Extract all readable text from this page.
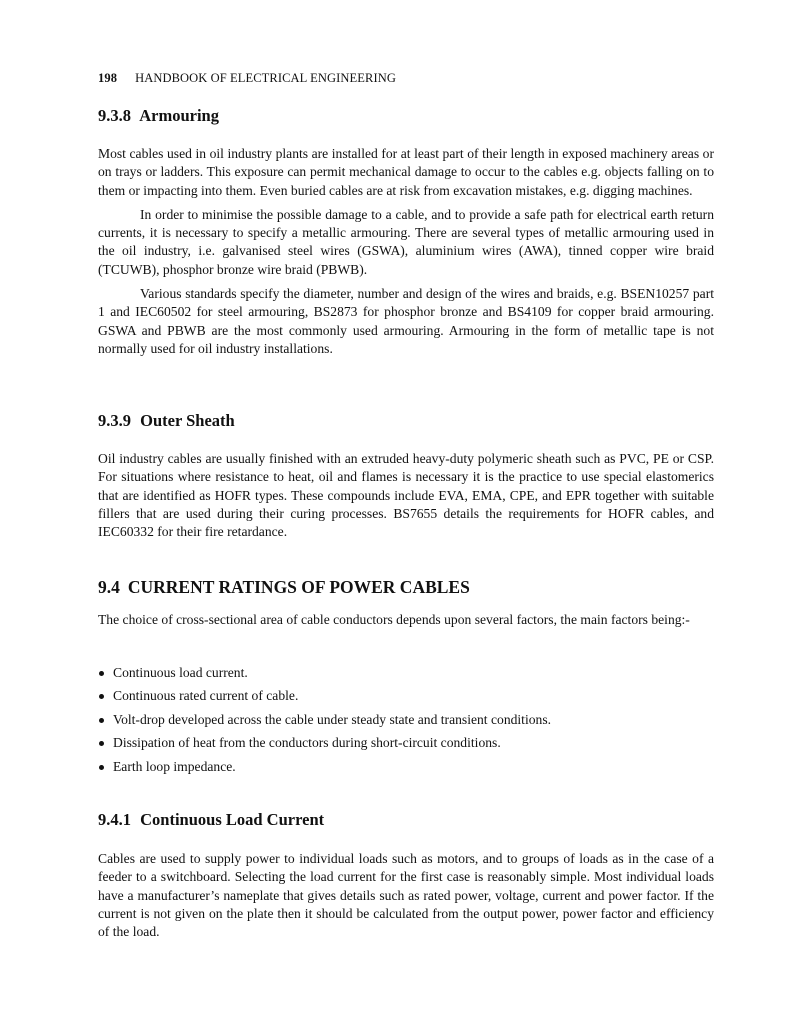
198 HANDBOOK OF ELECTRICAL ENGINEERING
9.3.8 Armouring

Most cables used in oil industry plants are installed for at least part of their length in exposed machinery areas or on trays or ladders. This exposure can permit mechanical damage to occur to the cables e.g. objects falling on to them or impacting into them. Even buried cables are at risk from excavation mistakes, e.g. digging machines.

In order to minimise the possible damage to a cable, and to provide a safe path for electrical earth return currents, it is necessary to specify a metallic armouring. There are several types of metallic armouring used in the oil industry, i.e. galvanised steel wires (GSWA), aluminium wires (AWA), tinned copper wire braid (TCUWB), phosphor bronze wire braid (PBWB).

Various standards specify the diameter, number and design of the wires and braids, e.g. BSEN10257 part 1 and IEC60502 for steel armouring, BS2873 for phosphor bronze and BS4109 for copper braid armouring. GSWA and PBWB are the most commonly used armouring. Armouring in the form of metallic tape is not normally used for oil industry installations.

9.3.9 Outer Sheath

Oil industry cables are usually finished with an extruded heavy-duty polymeric sheath such as PVC, PE or CSP. For situations where resistance to heat, oil and flames is necessary it is the practice to use special elastomerics that are identified as HOFR types. These compounds include EVA, EMA, CPE, and EPR together with suitable fillers that are used during their curing processes. BS7655 details the requirements for HOFR cables, and IEC60332 for their fire retardance.

9.4 CURRENT RATINGS OF POWER CABLES

The choice of cross-sectional area of cable conductors depends upon several factors, the main factors being:-

Continuous load current.
Continuous rated current of cable.
Volt-drop developed across the cable under steady state and transient conditions.
Dissipation of heat from the conductors during short-circuit conditions.
Earth loop impedance.
9.4.1 Continuous Load Current

Cables are used to supply power to individual loads such as motors, and to groups of loads as in the case of a feeder to a switchboard. Selecting the load current for the first case is reasonably simple. Most individual loads have a manufacturer’s nameplate that gives details such as rated power, voltage, current and power factor. If the current is not given on the plate then it should be calculated from the output power, power factor and efficiency of the load.
